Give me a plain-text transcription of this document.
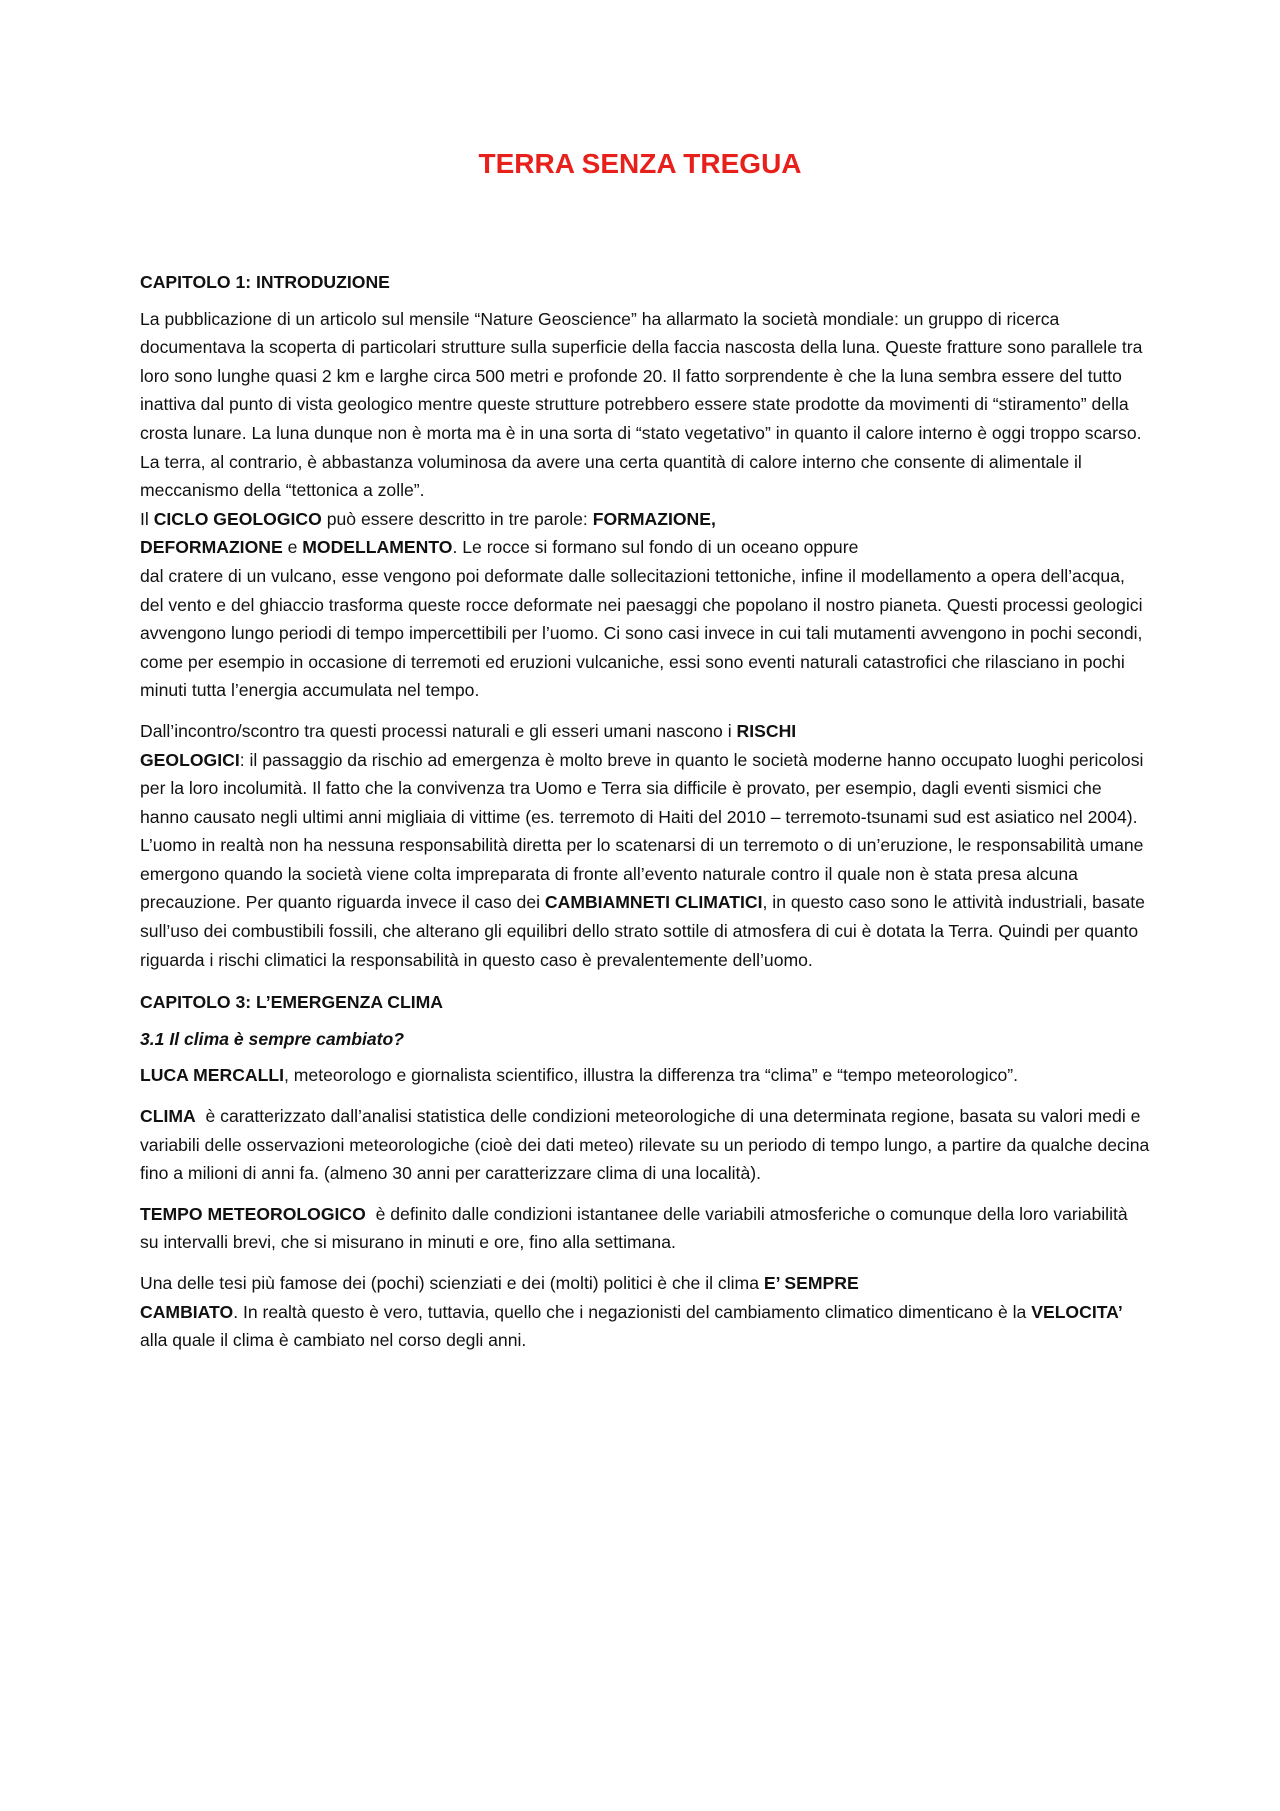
TERRA SENZA TREGUA
CAPITOLO 1: INTRODUZIONE

La pubblicazione di un articolo sul mensile “Nature Geoscience” ha allarmato la società mondiale: un gruppo di ricerca documentava la scoperta di particolari strutture sulla superficie della faccia nascosta della luna. Queste fratture sono parallele tra loro sono lunghe quasi 2 km e larghe circa 500 metri e profonde 20. Il fatto sorprendente è che la luna sembra essere del tutto inattiva dal punto di vista geologico mentre queste strutture potrebbero essere state prodotte da movimenti di “stiramento” della crosta lunare. La luna dunque non è morta ma è in una sorta di “stato vegetativo” in quanto il calore interno è oggi troppo scarso. La terra, al contrario, è abbastanza voluminosa da avere una certa quantità di calore interno che consente di alimentale il meccanismo della “tettonica a zolle”.

Il CICLO GEOLOGICO può essere descritto in tre parole: FORMAZIONE,

DEFORMAZIONE e MODELLAMENTO. Le rocce si formano sul fondo di un oceano oppure

dal cratere di un vulcano, esse vengono poi deformate dalle sollecitazioni tettoniche, infine il modellamento a opera dell’acqua, del vento e del ghiaccio trasforma queste rocce deformate nei paesaggi che popolano il nostro pianeta. Questi processi geologici avvengono lungo periodi di tempo impercettibili per l’uomo. Ci sono casi invece in cui tali mutamenti avvengono in pochi secondi, come per esempio in occasione di terremoti ed eruzioni vulcaniche, essi sono eventi naturali catastrofici che rilasciano in pochi minuti tutta l’energia accumulata nel tempo.

Dall’incontro/scontro tra questi processi naturali e gli esseri umani nascono i RISCHI

GEOLOGICI: il passaggio da rischio ad emergenza è molto breve in quanto le società moderne hanno occupato luoghi pericolosi per la loro incolumità. Il fatto che la convivenza tra Uomo e Terra sia difficile è provato, per esempio, dagli eventi sismici che hanno causato negli ultimi anni migliaia di vittime (es. terremoto di Haiti del 2010 – terremoto-tsunami sud est asiatico nel 2004). L’uomo in realtà non ha nessuna responsabilità diretta per lo scatenarsi di un terremoto o di un’eruzione, le responsabilità umane emergono quando la società viene colta impreparata di fronte all’evento naturale contro il quale non è stata presa alcuna precauzione. Per quanto riguarda invece il caso dei CAMBIAMNETI CLIMATICI, in questo caso sono le attività industriali, basate sull’uso dei combustibili fossili, che alterano gli equilibri dello strato sottile di atmosfera di cui è dotata la Terra. Quindi per quanto riguarda i rischi climatici la responsabilità in questo caso è prevalentemente dell’uomo.

CAPITOLO 3: L’EMERGENZA CLIMA
3.1 Il clima è sempre cambiato?

LUCA MERCALLI, meteorologo e giornalista scientifico, illustra la differenza tra “clima” e “tempo meteorologico”.

CLIMA  è caratterizzato dall’analisi statistica delle condizioni meteorologiche di una determinata regione, basata su valori medi e variabili delle osservazioni meteorologiche (cioè dei dati meteo) rilevate su un periodo di tempo lungo, a partire da qualche decina fino a milioni di anni fa. (almeno 30 anni per caratterizzare clima di una località).

TEMPO METEOROLOGICO  è definito dalle condizioni istantanee delle variabili atmosferiche o comunque della loro variabilità su intervalli brevi, che si misurano in minuti e ore, fino alla settimana.

Una delle tesi più famose dei (pochi) scienziati e dei (molti) politici è che il clima E’ SEMPRE

CAMBIATO. In realtà questo è vero, tuttavia, quello che i negazionisti del cambiamento climatico dimenticano è la VELOCITA’ alla quale il clima è cambiato nel corso degli anni.
